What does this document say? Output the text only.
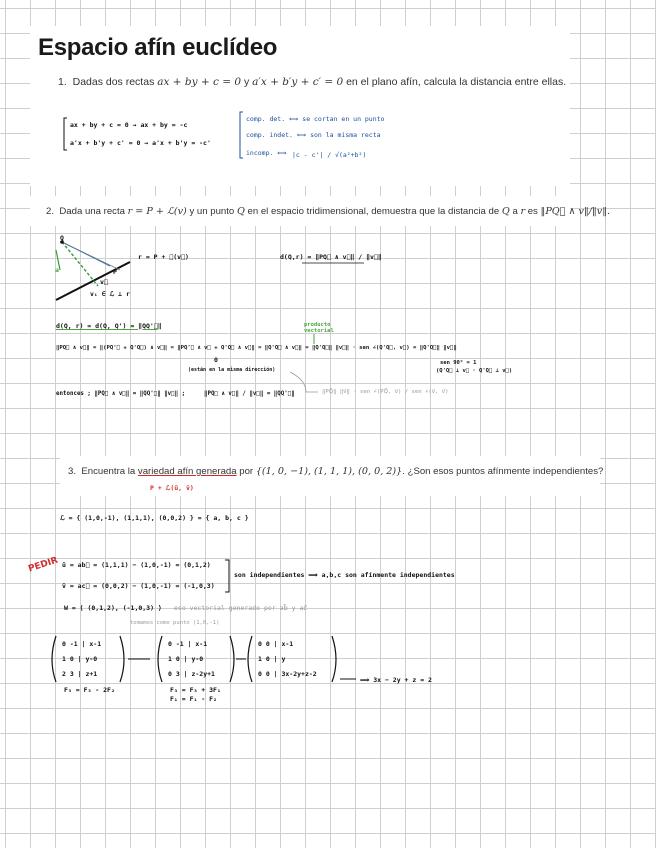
Espacio afín euclídeo
1. Dadas dos rectas ax + by + c = 0 y a′x + b′y + c′ = 0 en el plano afín, calcula la distancia entre ellas.
ax + by + c = 0 → ax + by = -c
a'x + b'y + c' = 0 → a'x + b'y = -c'
comp. det. ⟺ se cortan en un punto
comp. indet. ⟺ son la misma recta
incomp. ⟺ |c - c'| / √(a²+b²)
2. Dada una recta r = P + ℒ(v) y un punto Q en el espacio tridimensional, demuestra que la distancia de Q a r es ‖PQ⃗ ∧ v‖/‖v‖.
Q
a	P
v⃗
vᵢ ∈ ℒ ⊥ r
r = P + ℒ(v⃗)	d(Q,r) = ‖PQ⃗ ∧ v⃗‖ / ‖v⃗‖
producto vectorial
d(Q, r) = d(Q, Q') = ‖QQ'⃗‖
‖PQ⃗ ∧ v⃗‖ = ‖(PQ'⃗ + Q'Q⃗) ∧ v⃗‖ = ‖PQ'⃗ ∧ v⃗ + Q'Q⃗ ∧ v⃗‖ = ‖Q'Q⃗ ∧ v⃗‖ = ‖Q'Q⃗‖ ‖v⃗‖ · sen ∠(Q'Q⃗, v⃗) = ‖Q'Q⃗‖ ‖v⃗‖
0
(están en la misma dirección)
sen 90° = 1
(Q'Q⃗ ⊥ v⃗ · Q'Q⃗ ⊥ v⃗)
entonces ; ‖PQ⃗ ∧ v⃗‖ = ‖QQ'⃗‖ ‖v⃗‖ ;	‖PQ⃗ ∧ v⃗‖ / ‖v⃗‖ = ‖QQ'⃗‖	‖PQ⃗‖ ‖v⃗‖ · sen ∠(PQ⃗, v⃗) / sen ∠(v⃗, v⃗)
3. Encuentra la variedad afín generada por {(1, 0, −1), (1, 1, 1), (0, 0, 2)}. ¿Son esos puntos afínmente independientes?
P + ℒ(ū, v̄)
ℒ = { (1,0,-1), (1,1,1), (0,0,2) } = { a, b, c }
PEDIR ū = ab⃗ = (1,1,1) − (1,0,-1) = (0,1,2)
v̄ = ac⃗ = (0,0,2) − (1,0,-1) = (-1,0,3)
son independientes ⟹ a,b,c son afínmente independientes
W = ⟨ (0,1,2), (-1,0,3) ⟩ eso vectorial generado por ab⃗ y ac⃗
tomamos como punto (1,0,-1)
0 -1 | x-1
1 0 | y-0
2 3 | z+1
0 -1 | x-1
1 0 | y-0
0 3 | z-2y+1
0 0 | x-1
1 0 | y
0 0 | 3x-2y+z-2
F₃ = F₃ - 2F₂	F₃ = F₃ + 3F₁
F₁ = F₁ - F₂
⟹ 3x − 2y + z = 2
